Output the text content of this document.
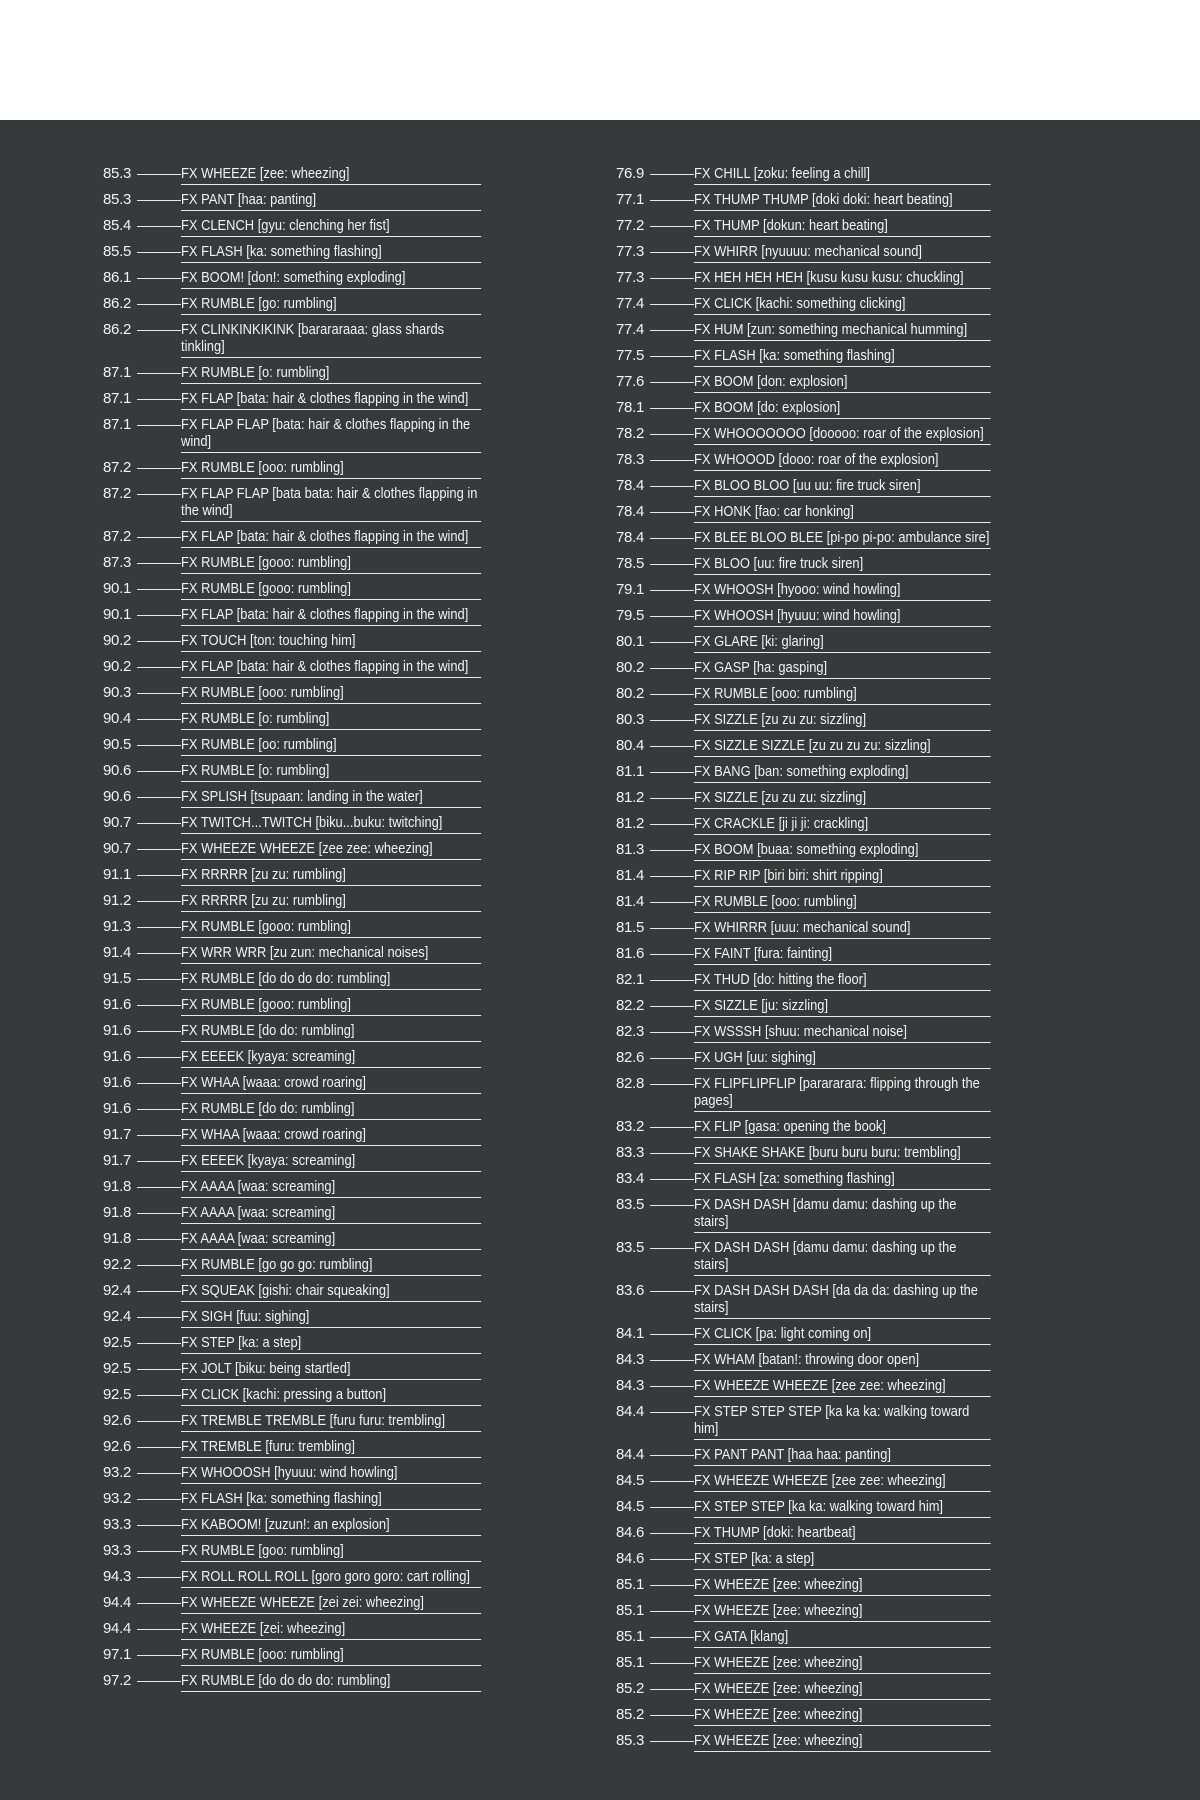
85.3	FX WHEEZE [zee: wheezing]
85.3	FX PANT [haa: panting]
85.4	FX CLENCH [gyu: clenching her fist]
85.5	FX FLASH [ka: something flashing]
86.1	FX BOOM! [don!: something exploding]
86.2	FX RUMBLE [go: rumbling]
86.2	FX CLINKINKIKINK [barararaaa: glass shards tinkling]
87.1	FX RUMBLE [o: rumbling]
87.1	FX FLAP [bata: hair & clothes flapping in the wind]
87.1	FX FLAP FLAP [bata: hair & clothes flapping in the wind]
87.2	FX RUMBLE [ooo: rumbling]
87.2	FX FLAP FLAP [bata bata: hair & clothes flapping in the wind]
87.2	FX FLAP [bata: hair & clothes flapping in the wind]
87.3	FX RUMBLE [gooo: rumbling]
90.1	FX RUMBLE [gooo: rumbling]
90.1	FX FLAP [bata: hair & clothes flapping in the wind]
90.2	FX TOUCH [ton: touching him]
90.2	FX FLAP [bata: hair & clothes flapping in the wind]
90.3	FX RUMBLE [ooo: rumbling]
90.4	FX RUMBLE [o: rumbling]
90.5	FX RUMBLE [oo: rumbling]
90.6	FX RUMBLE [o: rumbling]
90.6	FX SPLISH [tsupaan: landing in the water]
90.7	FX TWITCH...TWITCH [biku...buku: twitching]
90.7	FX WHEEZE WHEEZE [zee zee: wheezing]
91.1	FX RRRRR [zu zu: rumbling]
91.2	FX RRRRR [zu zu: rumbling]
91.3	FX RUMBLE [gooo: rumbling]
91.4	FX WRR WRR [zu zun: mechanical noises]
91.5	FX RUMBLE [do do do do: rumbling]
91.6	FX RUMBLE [gooo: rumbling]
91.6	FX RUMBLE [do do: rumbling]
91.6	FX EEEEK [kyaya: screaming]
91.6	FX WHAA [waaa: crowd roaring]
91.6	FX RUMBLE [do do: rumbling]
91.7	FX WHAA [waaa: crowd roaring]
91.7	FX EEEEK [kyaya: screaming]
91.8	FX AAAA [waa: screaming]
91.8	FX AAAA [waa: screaming]
91.8	FX AAAA [waa: screaming]
92.2	FX RUMBLE [go go go: rumbling]
92.4	FX SQUEAK [gishi: chair squeaking]
92.4	FX SIGH [fuu: sighing]
92.5	FX STEP [ka: a step]
92.5	FX JOLT [biku: being startled]
92.5	FX CLICK [kachi: pressing a button]
92.6	FX TREMBLE TREMBLE [furu furu: trembling]
92.6	FX TREMBLE [furu: trembling]
93.2	FX WHOOOSH [hyuuu: wind howling]
93.2	FX FLASH [ka: something flashing]
93.3	FX KABOOM! [zuzun!: an explosion]
93.3	FX RUMBLE [goo: rumbling]
94.3	FX ROLL ROLL ROLL [goro goro goro: cart rolling]
94.4	FX WHEEZE WHEEZE [zei zei: wheezing]
94.4	FX WHEEZE [zei: wheezing]
97.1	FX RUMBLE [ooo: rumbling]
97.2	FX RUMBLE [do do do do: rumbling]
76.9	FX CHILL [zoku: feeling a chill]
77.1	FX THUMP THUMP [doki doki: heart beating]
77.2	FX THUMP [dokun: heart beating]
77.3	FX WHIRR [nyuuuu: mechanical sound]
77.3	FX HEH HEH HEH [kusu kusu kusu: chuckling]
77.4	FX CLICK [kachi: something clicking]
77.4	FX HUM [zun: something mechanical humming]
77.5	FX FLASH [ka: something flashing]
77.6	FX BOOM [don: explosion]
78.1	FX BOOM [do: explosion]
78.2	FX WHOOOOOOO [dooooo: roar of the explosion]
78.3	FX WHOOOD [dooo: roar of the explosion]
78.4	FX BLOO BLOO [uu uu: fire truck siren]
78.4	FX HONK [fao: car honking]
78.4	FX BLEE BLOO BLEE [pi-po pi-po: ambulance sire]
78.5	FX BLOO [uu: fire truck siren]
79.1	FX WHOOSH [hyooo: wind howling]
79.5	FX WHOOSH [hyuuu: wind howling]
80.1	FX GLARE [ki: glaring]
80.2	FX GASP [ha: gasping]
80.2	FX RUMBLE [ooo: rumbling]
80.3	FX SIZZLE [zu zu zu: sizzling]
80.4	FX SIZZLE SIZZLE [zu zu zu zu: sizzling]
81.1	FX BANG [ban: something exploding]
81.2	FX SIZZLE [zu zu zu: sizzling]
81.2	FX CRACKLE [ji ji ji: crackling]
81.3	FX BOOM [buaa: something exploding]
81.4	FX RIP RIP [biri biri: shirt ripping]
81.4	FX RUMBLE [ooo: rumbling]
81.5	FX WHIRRR [uuu: mechanical sound]
81.6	FX FAINT [fura: fainting]
82.1	FX THUD [do: hitting the floor]
82.2	FX SIZZLE [ju: sizzling]
82.3	FX WSSSH [shuu: mechanical noise]
82.6	FX UGH [uu: sighing]
82.8	FX FLIPFLIPFLIP [parararara: flipping through the pages]
83.2	FX FLIP [gasa: opening the book]
83.3	FX SHAKE SHAKE [buru buru buru: trembling]
83.4	FX FLASH [za: something flashing]
83.5	FX DASH DASH [damu damu: dashing up the stairs]
83.5	FX DASH DASH [damu damu: dashing up the stairs]
83.6	FX DASH DASH DASH [da da da: dashing up the stairs]
84.1	FX CLICK [pa: light coming on]
84.3	FX WHAM [batan!: throwing door open]
84.3	FX WHEEZE WHEEZE [zee zee: wheezing]
84.4	FX STEP STEP STEP [ka ka ka: walking toward him]
84.4	FX PANT PANT [haa haa: panting]
84.5	FX WHEEZE WHEEZE [zee zee: wheezing]
84.5	FX STEP STEP [ka ka: walking toward him]
84.6	FX THUMP [doki: heartbeat]
84.6	FX STEP [ka: a step]
85.1	FX WHEEZE [zee: wheezing]
85.1	FX WHEEZE [zee: wheezing]
85.1	FX GATA [klang]
85.1	FX WHEEZE [zee: wheezing]
85.2	FX WHEEZE [zee: wheezing]
85.2	FX WHEEZE [zee: wheezing]
85.3	FX WHEEZE [zee: wheezing]
